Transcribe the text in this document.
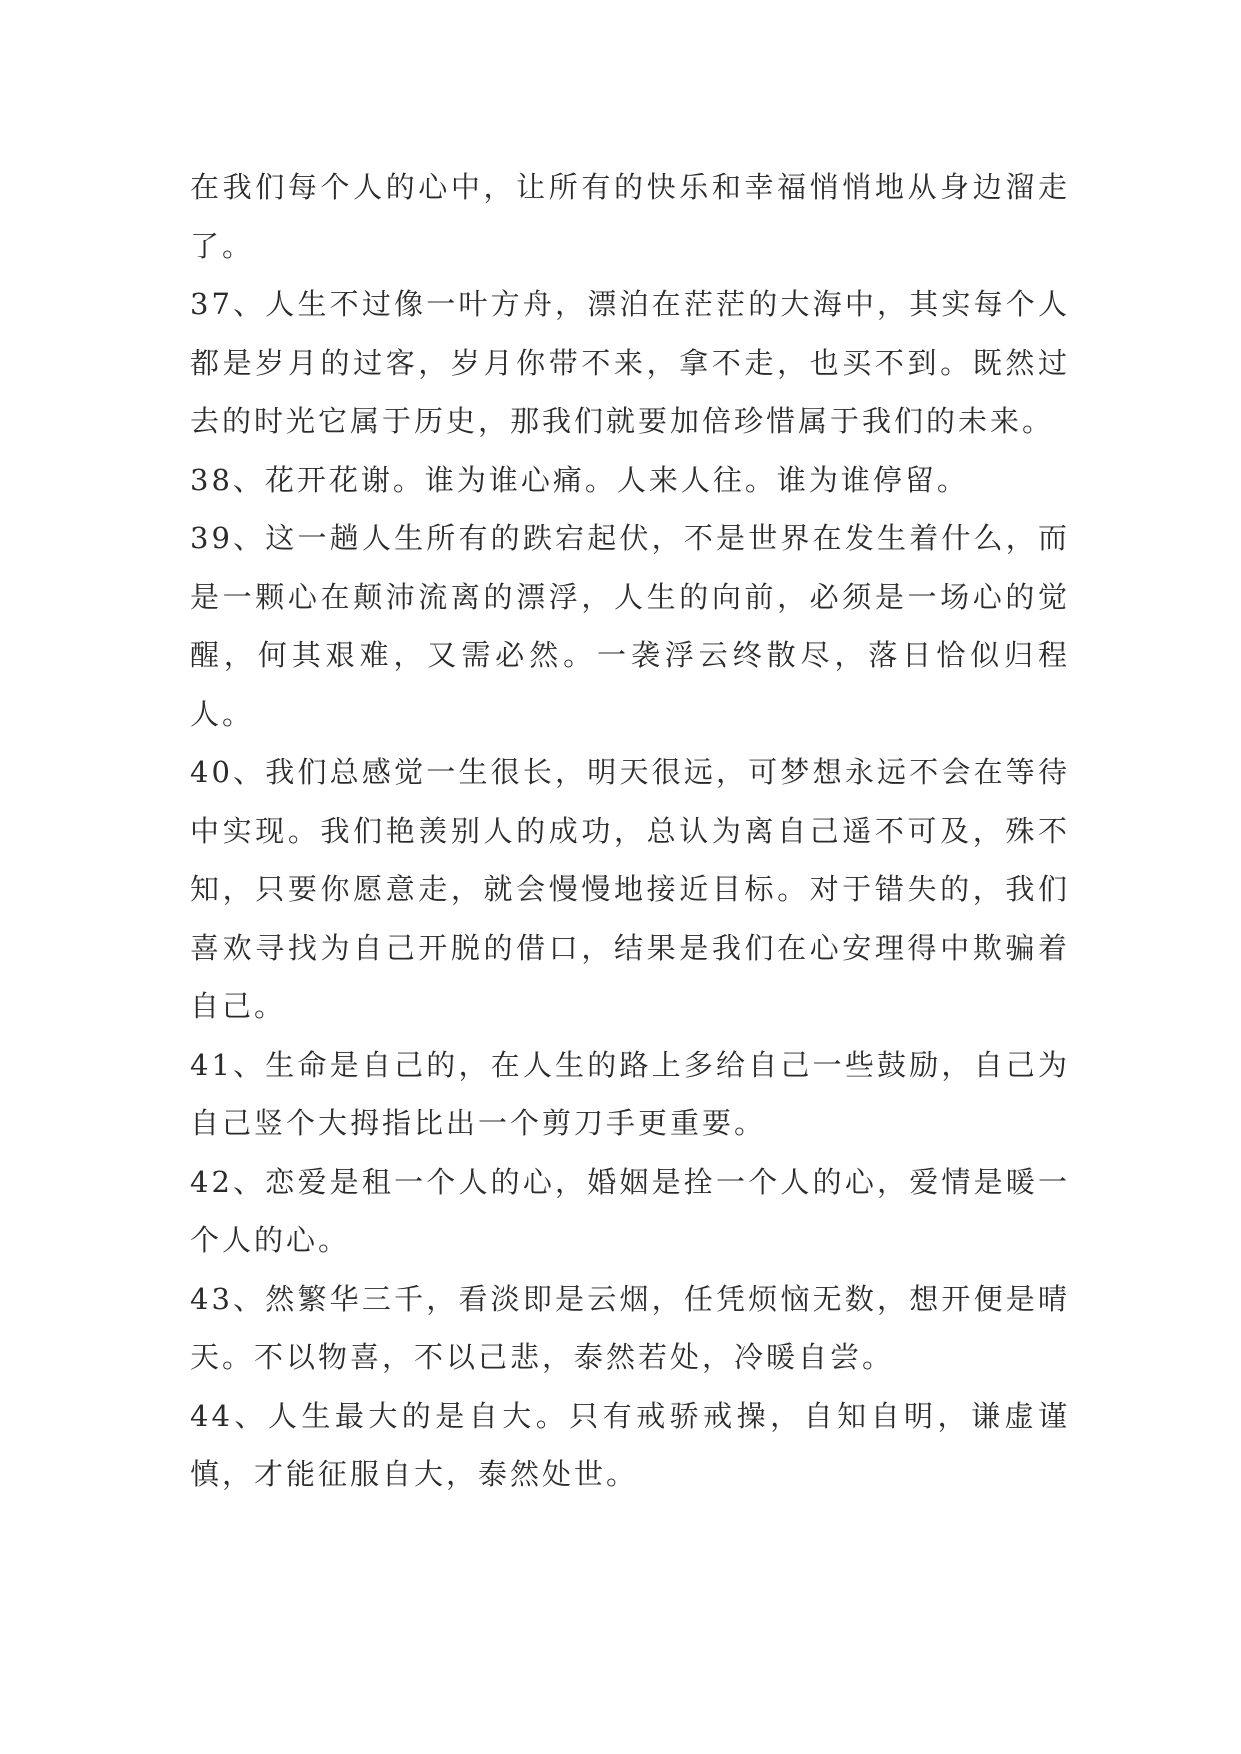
在我们每个人的心中，让所有的快乐和幸福悄悄地从身边溜走了。

37、人生不过像一叶方舟，漂泊在茫茫的大海中，其实每个人都是岁月的过客，岁月你带不来，拿不走，也买不到。既然过去的时光它属于历史，那我们就要加倍珍惜属于我们的未来。

38、花开花谢。谁为谁心痛。人来人往。谁为谁停留。

39、这一趟人生所有的跌宕起伏，不是世界在发生着什么，而是一颗心在颠沛流离的漂浮，人生的向前，必须是一场心的觉醒，何其艰难，又需必然。一袭浮云终散尽，落日恰似归程人。

40、我们总感觉一生很长，明天很远，可梦想永远不会在等待中实现。我们艳羡别人的成功，总认为离自己遥不可及，殊不知，只要你愿意走，就会慢慢地接近目标。对于错失的，我们喜欢寻找为自己开脱的借口，结果是我们在心安理得中欺骗着自己。

41、生命是自己的，在人生的路上多给自己一些鼓励，自己为自己竖个大拇指比出一个剪刀手更重要。

42、恋爱是租一个人的心，婚姻是拴一个人的心，爱情是暖一个人的心。

43、然繁华三千，看淡即是云烟，任凭烦恼无数，想开便是晴天。不以物喜，不以己悲，泰然若处，冷暖自尝。

44、人生最大的是自大。只有戒骄戒操，自知自明，谦虚谨慎，才能征服自大，泰然处世。
